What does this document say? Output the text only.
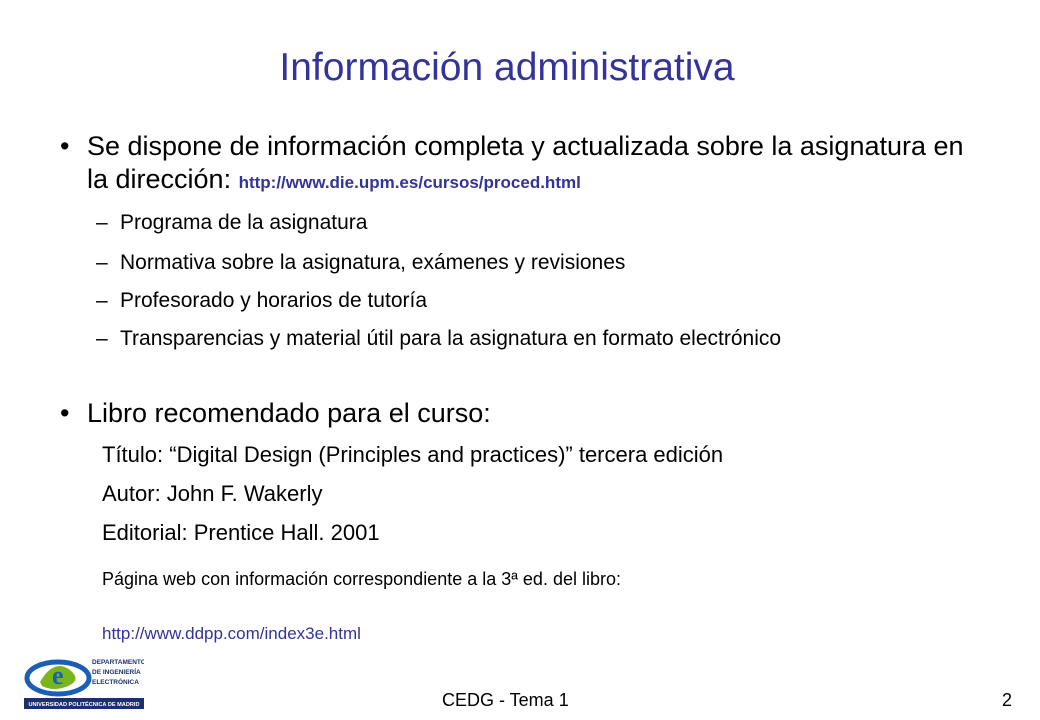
Información administrativa
• Se dispone de información completa y actualizada sobre la asignatura en la dirección: http://www.die.upm.es/cursos/proced.html
– Programa de la asignatura
– Normativa sobre la asignatura, exámenes y revisiones
– Profesorado y horarios de tutoría
– Transparencias y material útil para la asignatura en formato electrónico
• Libro recomendado para el curso:
Título: “Digital Design (Principles and practices)” tercera edición
Autor: John F. Wakerly
Editorial: Prentice Hall. 2001
Página web con información correspondiente a la 3ª ed. del libro:
http://www.ddpp.com/index3e.html
e	DEPARTAMENTO
DE INGENIERÍA
ELECTRÓNICA
UNIVERSIDAD POLITÉCNICA DE MADRID	CEDG - Tema 1	2
